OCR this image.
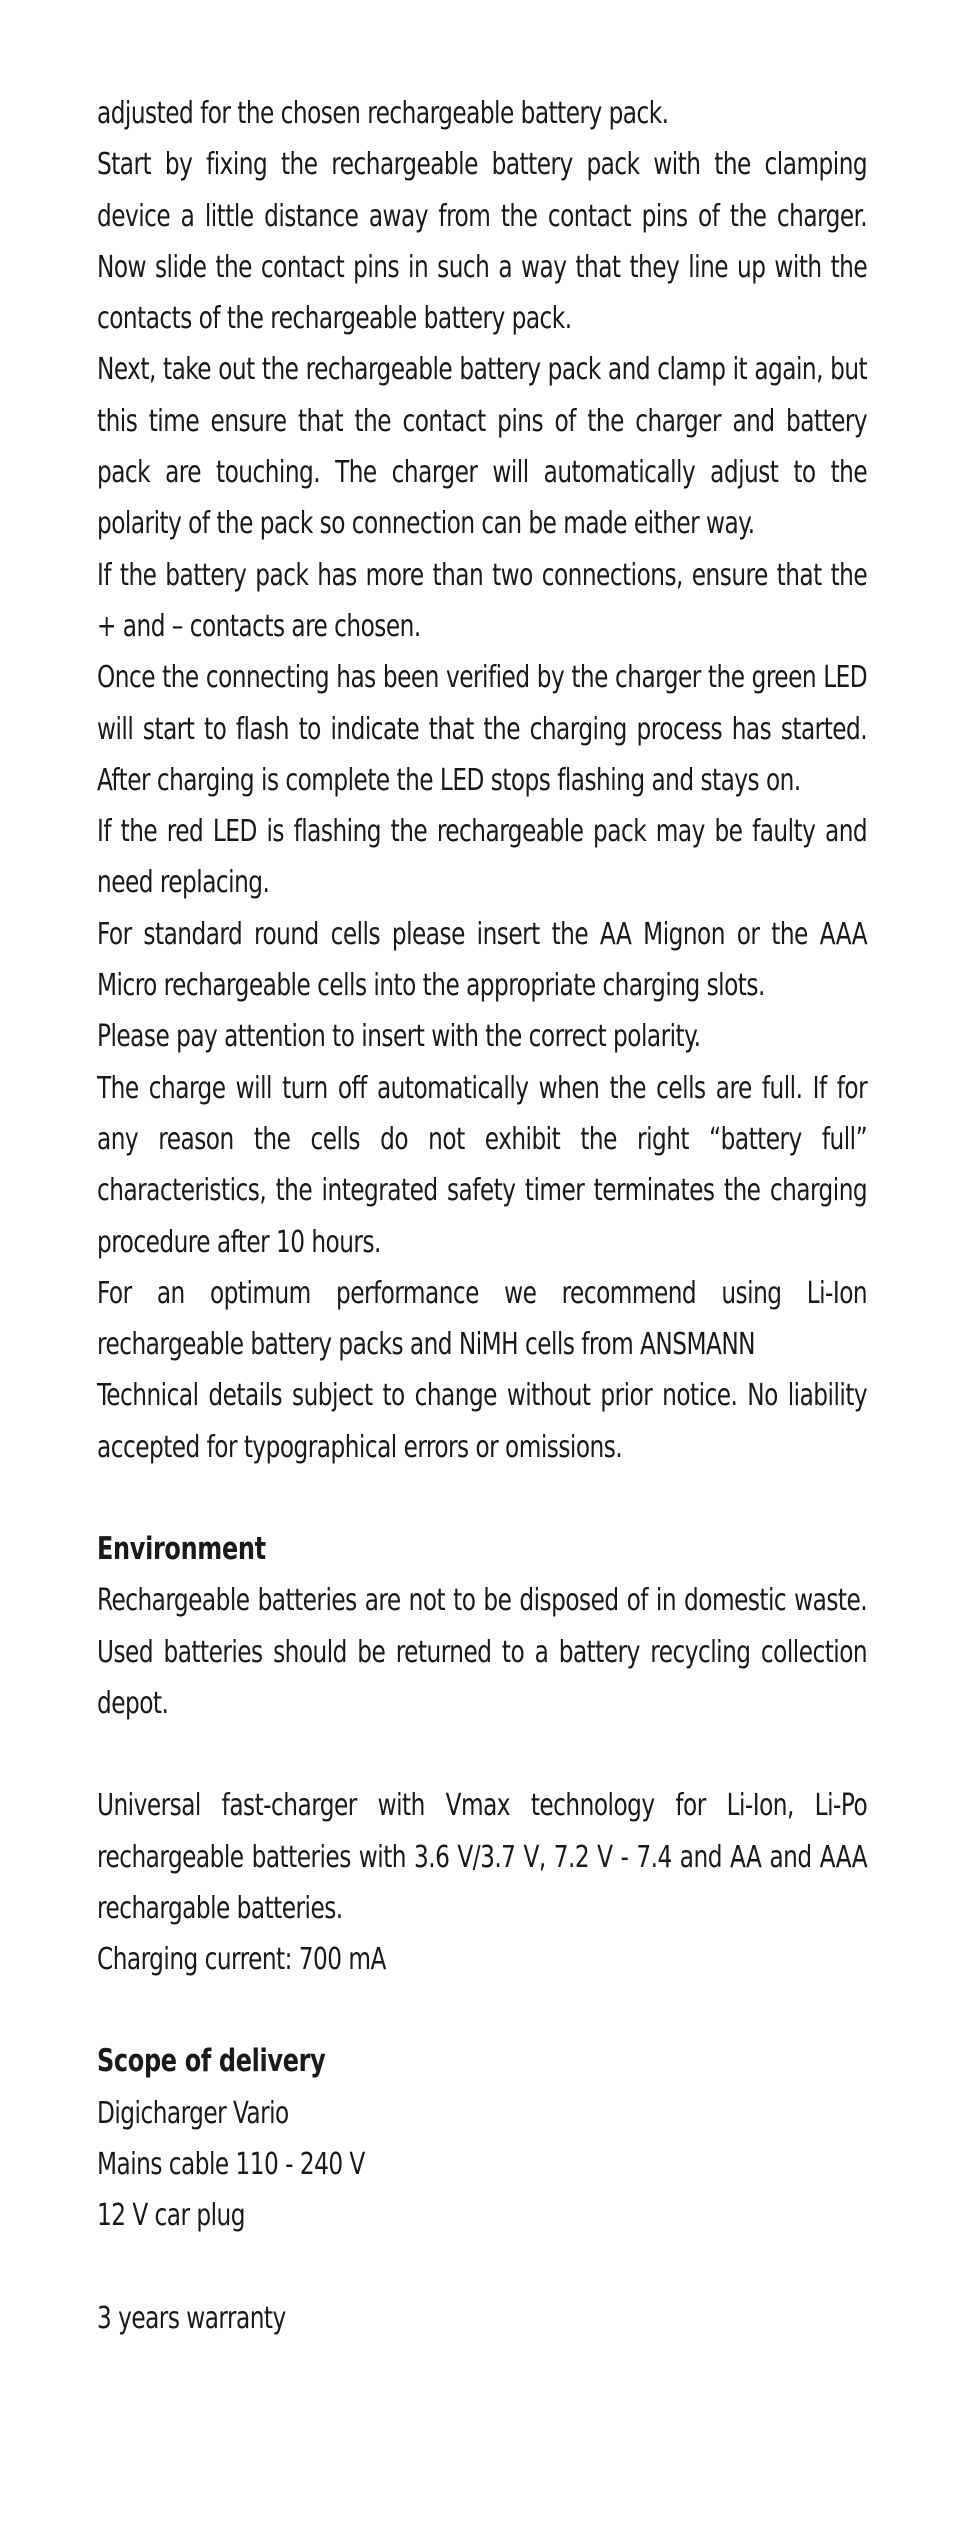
adjusted for the chosen rechargeable battery pack.

Start by fixing the rechargeable battery pack with the clamping device a little distance away from the contact pins of the charger. Now slide the contact pins in such a way that they line up with the contacts of the rechargeable battery pack.

Next, take out the rechargeable battery pack and clamp it again, but this time ensure that the contact pins of the charger and battery pack are touching. The charger will automatically adjust to the polarity of the pack so connection can be made either way.

If the battery pack has more than two connections, ensure that the + and – contacts are chosen.

Once the connecting has been verified by the charger the green LED will start to flash to indicate that the charging process has started. After charging is complete the LED stops flashing and stays on.

If the red LED is flashing the rechargeable pack may be faulty and need replacing.

For standard round cells please insert the AA Mignon or the AAA Micro rechargeable cells into the appropriate charging slots.

Please pay attention to insert with the correct polarity.

The charge will turn off automatically when the cells are full. If for any reason the cells do not exhibit the right “battery full” characteristics, the integrated safety timer terminates the charging procedure after 10 hours.

For an optimum performance we recommend using Li-Ion rechargeable battery packs and NiMH cells from ANSMANN

Technical details subject to change without prior notice. No liability accepted for typographical errors or omissions.

Environment

Rechargeable batteries are not to be disposed of in domestic waste. Used batteries should be returned to a battery recycling collection depot.

Universal fast-charger with Vmax technology for Li-Ion, Li-Po rechargeable batteries with 3.6 V/3.7 V, 7.2 V - 7.4 and AA and AAA rechargable batteries.

Charging current: 700 mA
Scope of delivery
Digicharger Vario
Mains cable 110 - 240 V
12 V car plug
3 years warranty
